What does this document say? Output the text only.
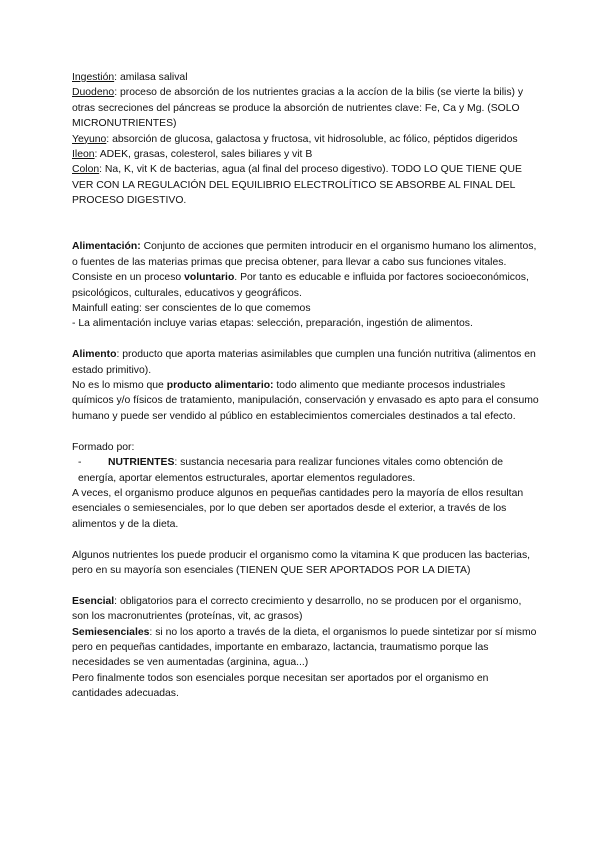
Ingestión: amilasa salival

Duodeno: proceso de absorción de los nutrientes gracias a la accíon de la bilis (se vierte la bilis) y otras secreciones del páncreas se produce la absorción de nutrientes clave: Fe, Ca y Mg. (SOLO MICRONUTRIENTES)

Yeyuno: absorción de glucosa, galactosa y fructosa, vit hidrosoluble, ac fólico, péptidos digeridos

Ileon: ADEK, grasas, colesterol, sales biliares y vit B

Colon: Na, K, vit K de bacterias, agua (al final del proceso digestivo). TODO LO QUE TIENE QUE VER CON LA REGULACIÓN DEL EQUILIBRIO ELECTROLÍTICO SE ABSORBE AL FINAL DEL PROCESO DIGESTIVO.

Alimentación: Conjunto de acciones que permiten introducir en el organismo humano los alimentos, o fuentes de las materias primas que precisa obtener, para llevar a cabo sus funciones vitales. Consiste en un proceso voluntario. Por tanto es educable e influida por factores socioeconómicos, psicológicos, culturales, educativos y geográficos.

Mainfull eating: ser conscientes de lo que comemos

- La alimentación incluye varias etapas: selección, preparación, ingestión de alimentos.

Alimento: producto que aporta materias asimilables que cumplen una función nutritiva (alimentos en estado primitivo).

No es lo mismo que producto alimentario: todo alimento que mediante procesos industriales químicos y/o físicos de tratamiento, manipulación, conservación y envasado es apto para el consumo humano y puede ser vendido al público en establecimientos comerciales destinados a tal efecto.

Formado por:

-	NUTRIENTES: sustancia necesaria para realizar funciones vitales como obtención de energía, aportar elementos estructurales, aportar elementos reguladores.

A veces, el organismo produce algunos en pequeñas cantidades pero la mayoría de ellos resultan esenciales o semiesenciales, por lo que deben ser aportados desde el exterior, a través de los alimentos y de la dieta.

Algunos nutrientes los puede producir el organismo como la vitamina K que producen las bacterias, pero en su mayoría son esenciales (TIENEN QUE SER APORTADOS POR LA DIETA)

Esencial: obligatorios para el correcto crecimiento y desarrollo, no se producen por el organismo, son los macronutrientes (proteínas, vit, ac grasos)

Semiesenciales: si no los aporto a través de la dieta, el organismos lo puede sintetizar por sí mismo pero en pequeñas cantidades, importante en embarazo, lactancia, traumatismo porque las necesidades se ven aumentadas (arginina, agua...)

Pero finalmente todos son esenciales porque necesitan ser aportados por el organismo en cantidades adecuadas.
